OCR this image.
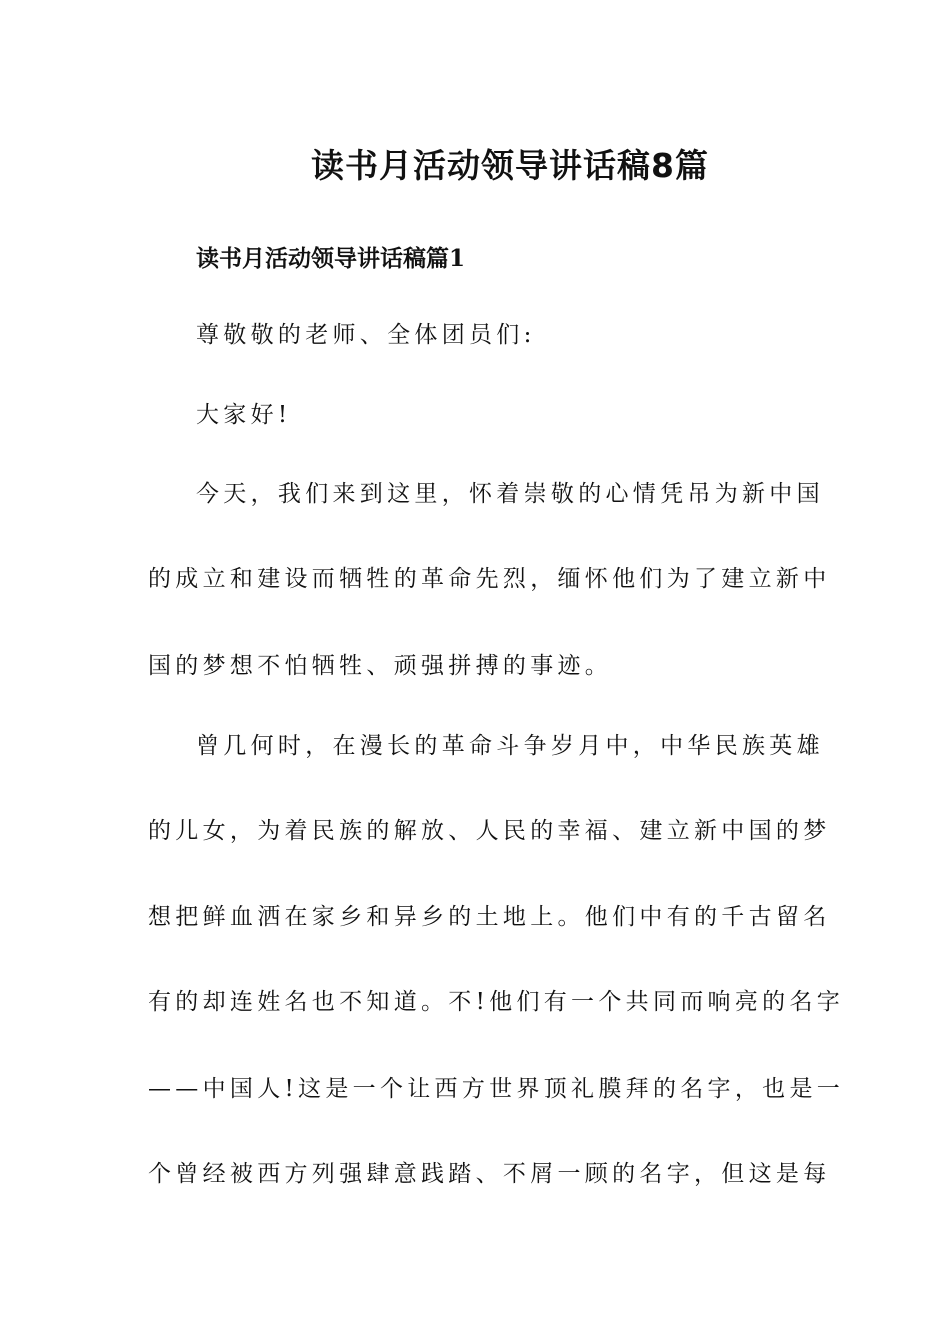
读书月活动领导讲话稿8篇
读书月活动领导讲话稿篇1
尊敬敬的老师、全体团员们:
大家好!
今天，我们来到这里，怀着崇敬的心情凭吊为新中国
的成立和建设而牺牲的革命先烈，缅怀他们为了建立新中
国的梦想不怕牺牲、顽强拼搏的事迹。
曾几何时，在漫长的革命斗争岁月中，中华民族英雄
的儿女，为着民族的解放、人民的幸福、建立新中国的梦
想把鲜血洒在家乡和异乡的土地上。他们中有的千古留名
有的却连姓名也不知道。不!他们有一个共同而响亮的名字
——中国人!这是一个让西方世界顶礼膜拜的名字，也是一
个曾经被西方列强肆意践踏、不屑一顾的名字，但这是每
